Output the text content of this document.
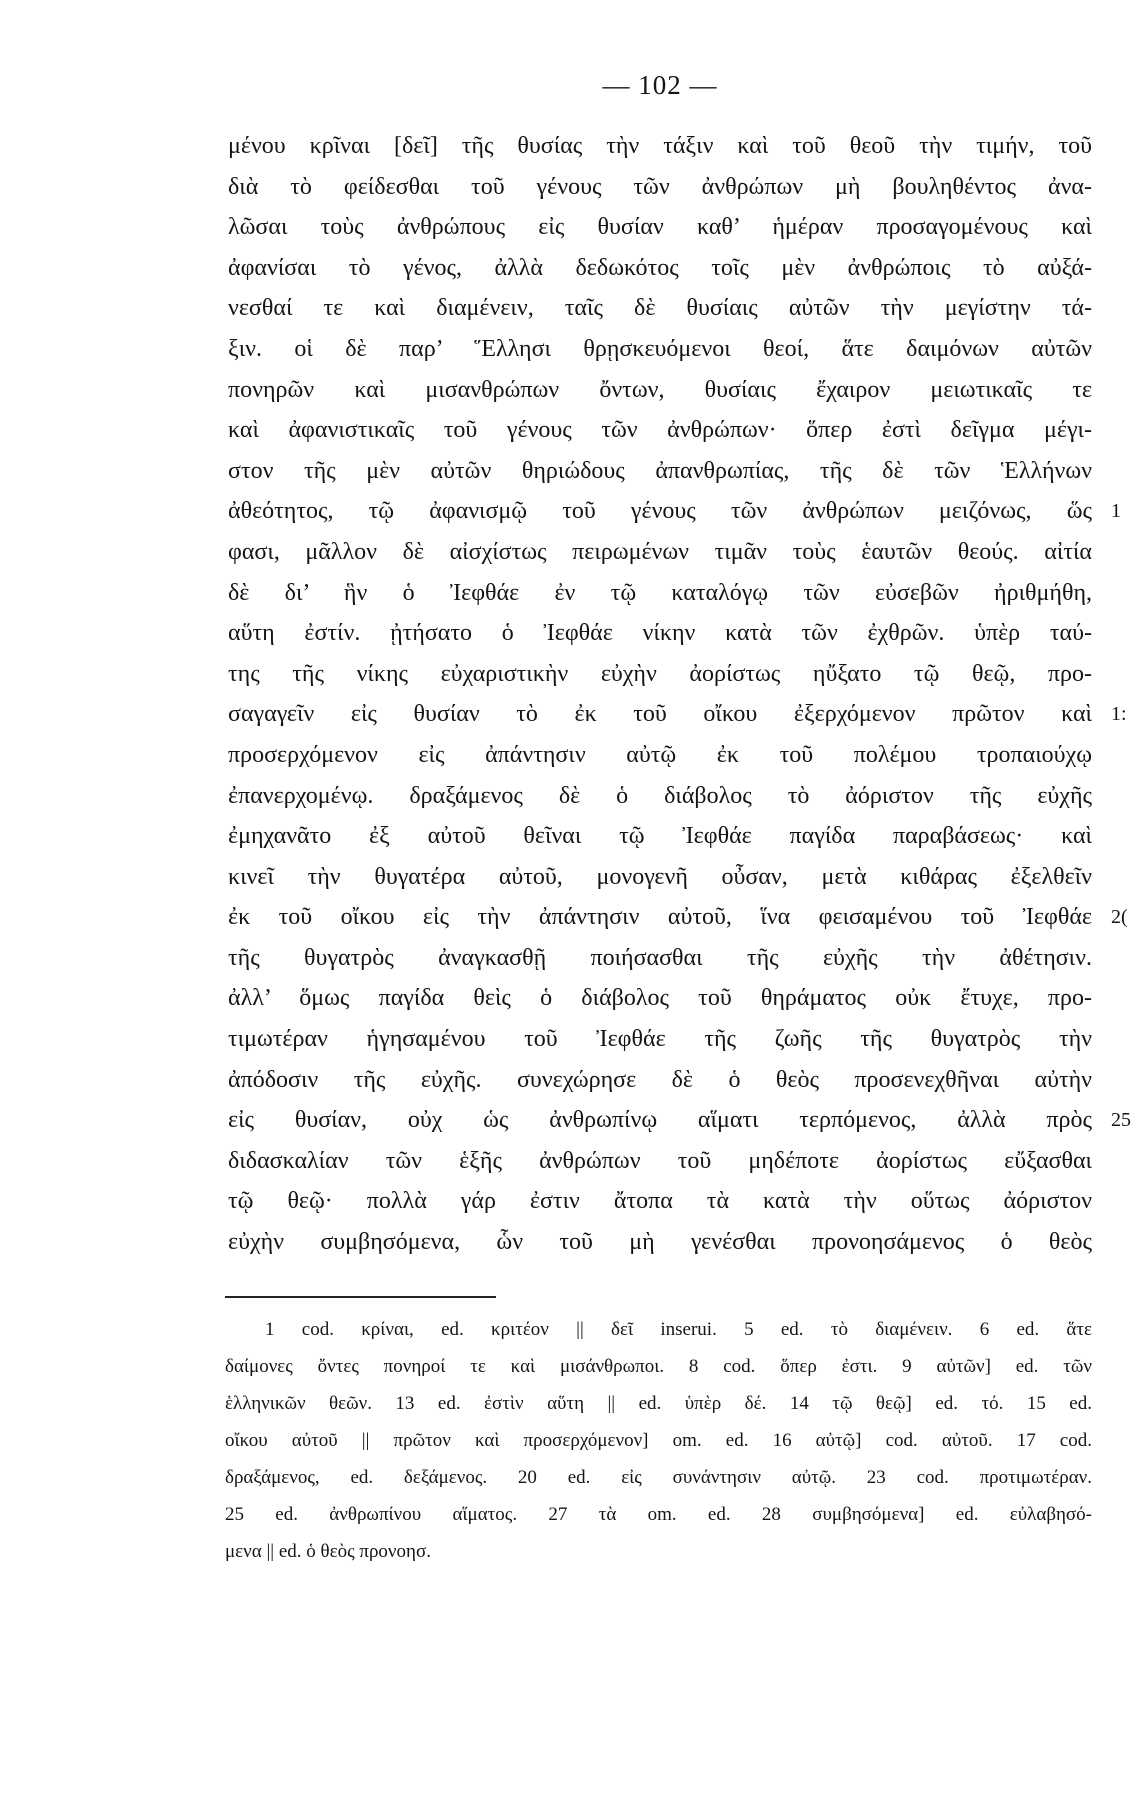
— 102 —
μένου κρῖναι [δεῖ] τῆς θυσίας τὴν τάξιν καὶ τοῦ θεοῦ τὴν τιμήν, τοῦ
διὰ τὸ φείδεσθαι τοῦ γένους τῶν ἀνθρώπων μὴ βουληθέντος ἀνα-
λῶσαι τοὺς ἀνθρώπους εἰς θυσίαν καθ’ ἡμέραν προσαγομένους καὶ
ἀφανίσαι τὸ γένος, ἀλλὰ δεδωκότος τοῖς μὲν ἀνθρώποις τὸ αὐξά-
νεσθαί τε καὶ διαμένειν, ταῖς δὲ θυσίαις αὐτῶν τὴν μεγίστην τά-
ξιν. οἱ δὲ παρ’ Ἕλλησι θρῃσκευόμενοι θεοί, ἅτε δαιμόνων αὐτῶν
πονηρῶν καὶ μισανθρώπων ὄντων, θυσίαις ἔχαιρον μειωτικαῖς τε
καὶ ἀφανιστικαῖς τοῦ γένους τῶν ἀνθρώπων· ὅπερ ἐστὶ δεῖγμα μέγι-
στον τῆς μὲν αὐτῶν θηριώδους ἀπανθρωπίας, τῆς δὲ τῶν Ἑλλήνων
ἀθεότητος, τῷ ἀφανισμῷ τοῦ γένους τῶν ἀνθρώπων μειζόνως, ὥς 1
φασι, μᾶλλον δὲ αἰσχίστως πειρωμένων τιμᾶν τοὺς ἑαυτῶν θεούς. αἰτία
δὲ δι’ ἣν ὁ Ἰεφθάε ἐν τῷ καταλόγῳ τῶν εὐσεβῶν ἠριθμήθη,
αὕτη ἐστίν. ᾐτήσατο ὁ Ἰεφθάε νίκην κατὰ τῶν ἐχθρῶν. ὑπὲρ ταύ-
της τῆς νίκης εὐχαριστικὴν εὐχὴν ἀορίστως ηὔξατο τῷ θεῷ, προ-
σαγαγεῖν εἰς θυσίαν τὸ ἐκ τοῦ οἴκου ἐξερχόμενον πρῶτον καὶ 1:
προσερχόμενον εἰς ἀπάντησιν αὐτῷ ἐκ τοῦ πολέμου τροπαιούχῳ
ἐπανερχομένῳ. δραξάμενος δὲ ὁ διάβολος τὸ ἀόριστον τῆς εὐχῆς
ἐμηχανᾶτο ἐξ αὐτοῦ θεῖναι τῷ Ἰεφθάε παγίδα παραβάσεως· καὶ
κινεῖ τὴν θυγατέρα αὐτοῦ, μονογενῆ οὖσαν, μετὰ κιθάρας ἐξελθεῖν
ἐκ τοῦ οἴκου εἰς τὴν ἀπάντησιν αὐτοῦ, ἵνα φεισαμένου τοῦ Ἰεφθάε 2(
τῆς θυγατρὸς ἀναγκασθῇ ποιήσασθαι τῆς εὐχῆς τὴν ἀθέτησιν.
ἀλλ’ ὅμως παγίδα θεὶς ὁ διάβολος τοῦ θηράματος οὐκ ἔτυχε, προ-
τιμωτέραν ἡγησαμένου τοῦ Ἰεφθάε τῆς ζωῆς τῆς θυγατρὸς τὴν
ἀπόδοσιν τῆς εὐχῆς. συνεχώρησε δὲ ὁ θεὸς προσενεχθῆναι αὐτὴν
εἰς θυσίαν, οὐχ ὡς ἀνθρωπίνῳ αἵματι τερπόμενος, ἀλλὰ πρὸς 25
διδασκαλίαν τῶν ἑξῆς ἀνθρώπων τοῦ μηδέποτε ἀορίστως εὔξασθαι
τῷ θεῷ· πολλὰ γάρ ἐστιν ἄτοπα τὰ κατὰ τὴν οὕτως ἀόριστον
εὐχὴν συμβησόμενα, ὧν τοῦ μὴ γενέσθαι προνοησάμενος ὁ θεὸς
1 cod. κρίναι, ed. κριτέον || δεῖ inserui. 5 ed. τὸ διαμένειν. 6 ed. ἅτε
δαίμονες ὄντες πονηροί τε καὶ μισάνθρωποι. 8 cod. ὅπερ ἐστι. 9 αὐτῶν] ed. τῶν
ἑλληνικῶν θεῶν. 13 ed. ἐστὶν αὕτη || ed. ὑπὲρ δέ. 14 τῷ θεῷ] ed. τό. 15 ed.
οἴκου αὐτοῦ || πρῶτον καὶ προσερχόμενον] om. ed. 16 αὐτῷ] cod. αὐτοῦ. 17 cod.
δραξάμενος, ed. δεξάμενος. 20 ed. εἰς συνάντησιν αὐτῷ. 23 cod. προτιμωτέραν.
25 ed. ἀνθρωπίνου αἵματος. 27 τὰ om. ed. 28 συμβησόμενα] ed. εὐλαβησό-
μενα || ed. ὁ θεὸς προνοησ.
